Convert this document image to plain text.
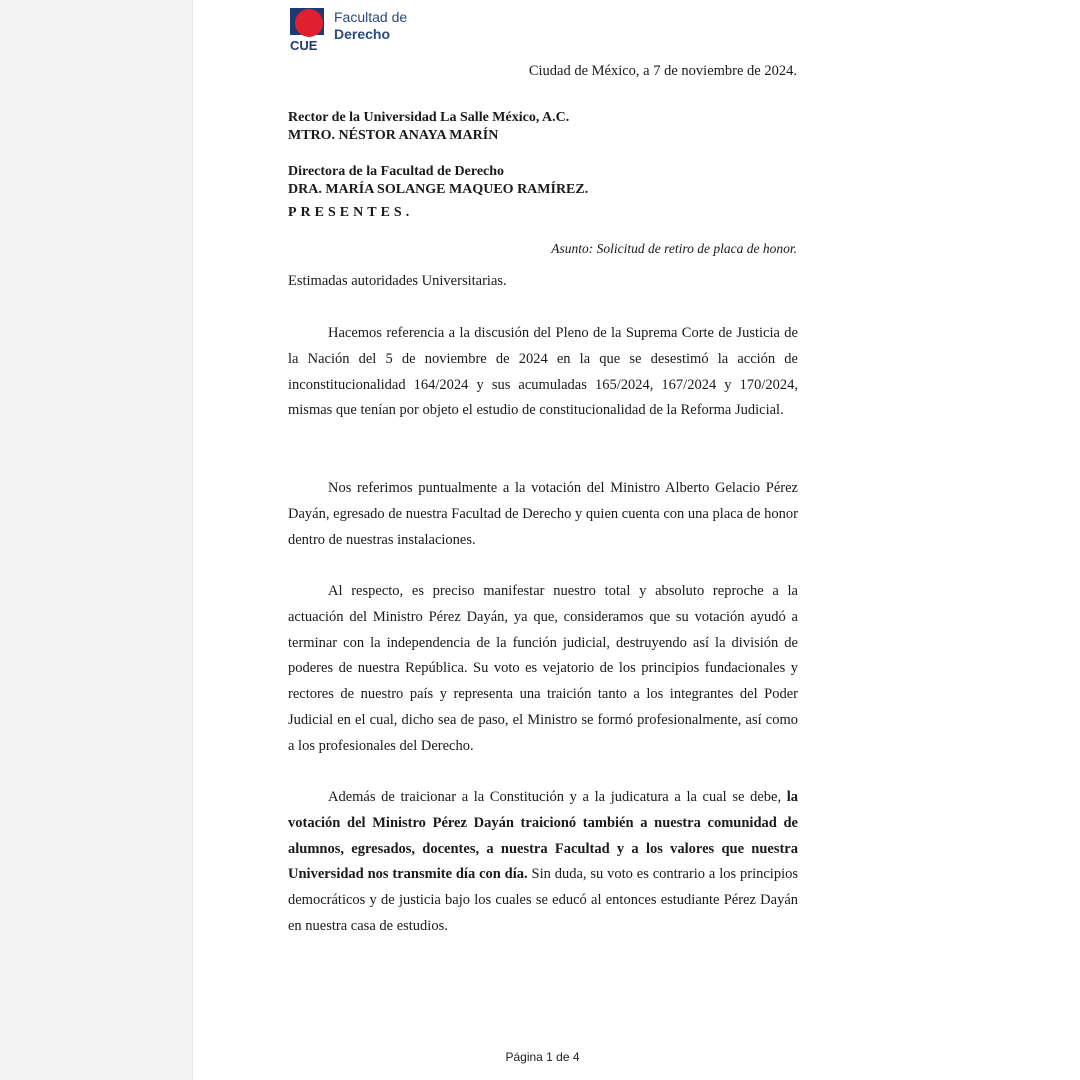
CUE
Facultad de
Derecho
Ciudad de México, a 7 de noviembre de 2024.
Rector de la Universidad La Salle México, A.C.
MTRO. NÉSTOR ANAYA MARÍN
Directora de la Facultad de Derecho
DRA. MARÍA SOLANGE MAQUEO RAMÍREZ.
PRESENTES.
Asunto: Solicitud de retiro de placa de honor.
Estimadas autoridades Universitarias.

Hacemos referencia a la discusión del Pleno de la Suprema Corte de Justicia de la Nación del 5 de noviembre de 2024 en la que se desestimó la acción de inconstitucionalidad 164/2024 y sus acumuladas 165/2024, 167/2024 y 170/2024, mismas que tenían por objeto el estudio de constitucionalidad de la Reforma Judicial.

Nos referimos puntualmente a la votación del Ministro Alberto Gelacio Pérez Dayán, egresado de nuestra Facultad de Derecho y quien cuenta con una placa de honor dentro de nuestras instalaciones.

Al respecto, es preciso manifestar nuestro total y absoluto reproche a la actuación del Ministro Pérez Dayán, ya que, consideramos que su votación ayudó a terminar con la independencia de la función judicial, destruyendo así la división de poderes de nuestra República. Su voto es vejatorio de los principios fundacionales y rectores de nuestro país y representa una traición tanto a los integrantes del Poder Judicial en el cual, dicho sea de paso, el Ministro se formó profesionalmente, así como a los profesionales del Derecho.

Además de traicionar a la Constitución y a la judicatura a la cual se debe, la votación del Ministro Pérez Dayán traicionó también a nuestra comunidad de alumnos, egresados, docentes, a nuestra Facultad y a los valores que nuestra Universidad nos transmite día con día. Sin duda, su voto es contrario a los principios democráticos y de justicia bajo los cuales se educó al entonces estudiante Pérez Dayán en nuestra casa de estudios.

Página 1 de 4
